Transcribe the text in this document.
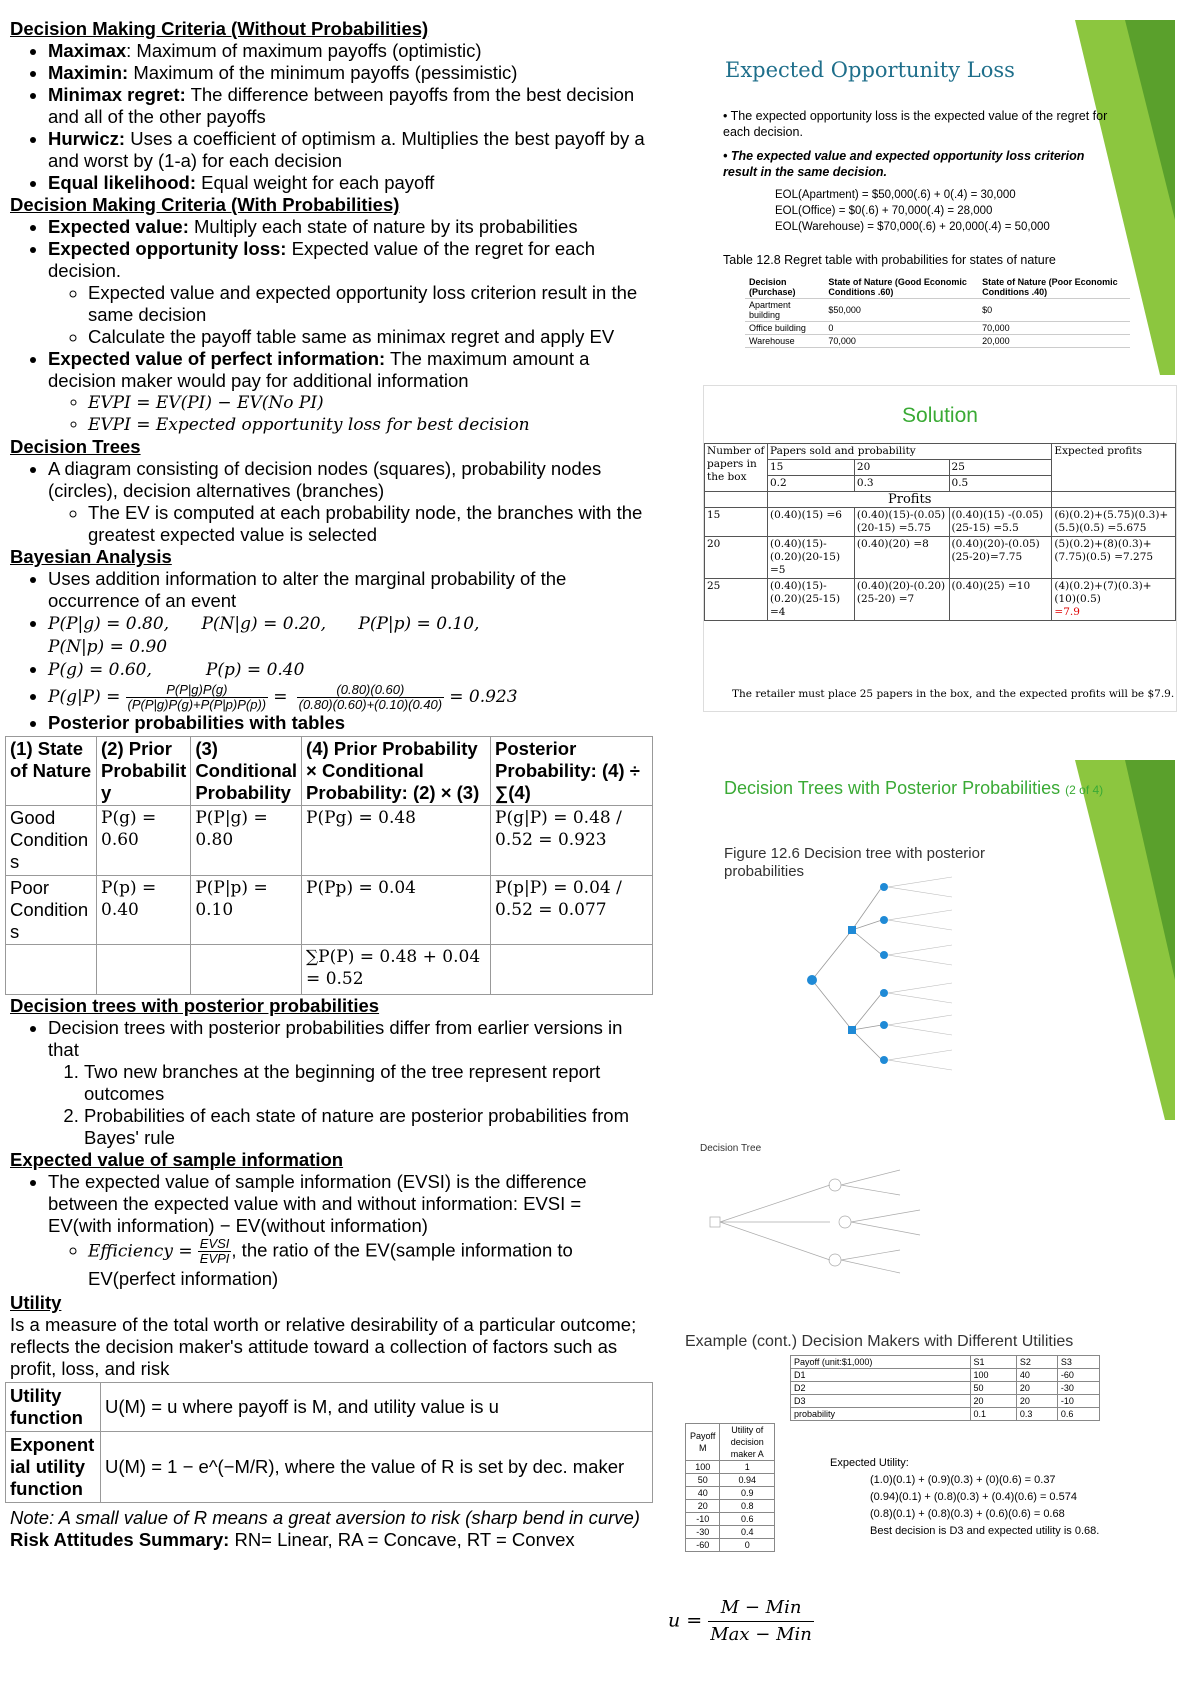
Decision Making Criteria (Without Probabilities)

• Maximax: Maximum of maximum payoffs (optimistic)
• Maximin: Maximum of the minimum payoffs (pessimistic)
• Minimax regret: The difference between payoffs from the best decision and all of the other payoffs
• Hurwicz: Uses a coefficient of optimism a. Multiplies the best payoff by a and worst by (1-a) for each decision
• Equal likelihood: Equal weight for each payoff

Decision Making Criteria (With Probabilities)

• Expected value: Multiply each state of nature by its probabilities
• Expected opportunity loss: Expected value of the regret for each decision.
◦ Expected value and expected opportunity loss criterion result in the same decision
◦ Calculate the payoff table same as minimax regret and apply EV
• Expected value of perfect information: The maximum amount a decision maker would pay for additional information
◦ EVPI = EV(PI) − EV(No PI)
◦ EVPI = Expected opportunity loss for best decision

Decision Trees

• A diagram consisting of decision nodes (squares), probability nodes (circles), decision alternatives (branches)
◦ The EV is computed at each probability node, the branches with the greatest expected value is selected

Bayesian Analysis

• Uses addition information to alter the marginal probability of the occurrence of an event
• P(P|g) = 0.80,      P(N|g) = 0.20,      P(P|p) = 0.10,
P(N|p) = 0.90
• P(g) = 0.60,          P(p) = 0.40
• $P(g|P) = \frac{P(P|g)P(g)}{(P(P|g)P(g)+P(P|p)P(p))} = \frac{(0.80)(0.60)}{(0.80)(0.60)+(0.10)(0.40)} = 0.923$
• Posterior probabilities with tables
(1) State of Nature	(2) Prior Probabilit y	(3) Conditional Probability	(4) Prior Probability × Conditional Probability: (2) × (3)	Posterior Probability: (4) ÷ ∑(4)
Good Condition s	P(g) = 0.60	P(P|g) = 0.80	P(Pg) = 0.48	P(g|P) = 0.48 / 0.52 = 0.923
Poor Condition s	P(p) = 0.40	P(P|p) = 0.10	P(Pp) = 0.04	P(p|P) = 0.04 / 0.52 = 0.077
			∑P(P) = 0.48 + 0.04 = 0.52	

Decision trees with posterior probabilities

• Decision trees with posterior probabilities differ from earlier versions in that
1. Two new branches at the beginning of the tree represent report outcomes
2. Probabilities of each state of nature are posterior probabilities from Bayes' rule

Expected value of sample information

• The expected value of sample information (EVSI) is the difference between the expected value with and without information: EVSI = EV(with information) − EV(without information)
◦ Efficiency = $\frac{\text{EVSI}}{\text{EVPI}}$ , the ratio of the EV(sample information to EV(perfect information)

Utility

Is a measure of the total worth or relative desirability of a particular outcome; reflects the decision maker's attitude toward a collection of factors such as profit, loss, and risk

Utility function	U(M) = u where payoff is M, and utility value is u
Exponent ial utility function	U(M) = 1 − e^(−M/R), where the value of R is set by dec. maker

Note: A small value of R means a great aversion to risk (sharp bend in curve)

Risk Attitudes Summary: RN= Linear, RA = Concave, RT = Convex

Expected Opportunity Loss
• The expected opportunity loss is the expected value of the regret for each decision.
• The expected value and expected opportunity loss criterion result in the same decision.
EOL(Apartment) = $50,000(.6) + 0(.4) = 30,000
EOL(Office) = $0(.6) + 70,000(.4) = 28,000
EOL(Warehouse) = $70,000(.6) + 20,000(.4) = 50,000
Table 12.8 Regret table with probabilities for states of nature
Decision (Purchase)	State of Nature (Good Economic Conditions .60)	State of Nature (Poor Economic Conditions .40)
Apartment building	$50,000	$0
Office building	0	70,000
Warehouse	70,000	20,000
Solution
Number of papers in the box	Papers sold and probability			Expected profits
	15	20	25	
	0.2	0.3	0.5	
	Profits			
15	(0.40)(15) =6	(0.40)(15)-(0.05)(20-15) =5.75	(0.40)(15) -(0.05)(25-15) =5.5	(6)(0.2)+(5.75)(0.3)+(5.5)(0.5) =5.675
20	(0.40)(15)-(0.20)(20-15) =5	(0.40)(20) =8	(0.40)(20)-(0.05)(25-20)=7.75	(5)(0.2)+(8)(0.3)+(7.75)(0.5) =7.275
25	(0.40)(15)-(0.20)(25-15) =4	(0.40)(20)-(0.20)(25-20) =7	(0.40)(25) =10	(4)(0.2)+(7)(0.3)+(10)(0.5)
=7.9
The retailer must place 25 papers in the box, and the expected profits will be $7.9.
Decision Trees with Posterior Probabilities (2 of 4)
Figure 12.6 Decision tree with posterior probabilities
Decision Tree
Example (cont.) Decision Makers with Different Utilities
Payoff (unit:$1,000)	S1	S2	S3
D1	100	40	-60
D2	50	20	-30
D3	20	20	-10
probability	0.1	0.3	0.6
Payoff M	Utility of decision maker A
100	1
50	0.94
40	0.9
20	0.8
-10	0.6
-30	0.4
-60	0
Expected Utility:
(1.0)(0.1) + (0.9)(0.3) + (0)(0.6) = 0.37
(0.94)(0.1) + (0.8)(0.3) + (0.4)(0.6) = 0.574
(0.8)(0.1) + (0.8)(0.3) + (0.6)(0.6) = 0.68
Best decision is D3 and expected utility is 0.68.
$u = \frac{\text{M − Min}}{\text{Max − Min}}$
